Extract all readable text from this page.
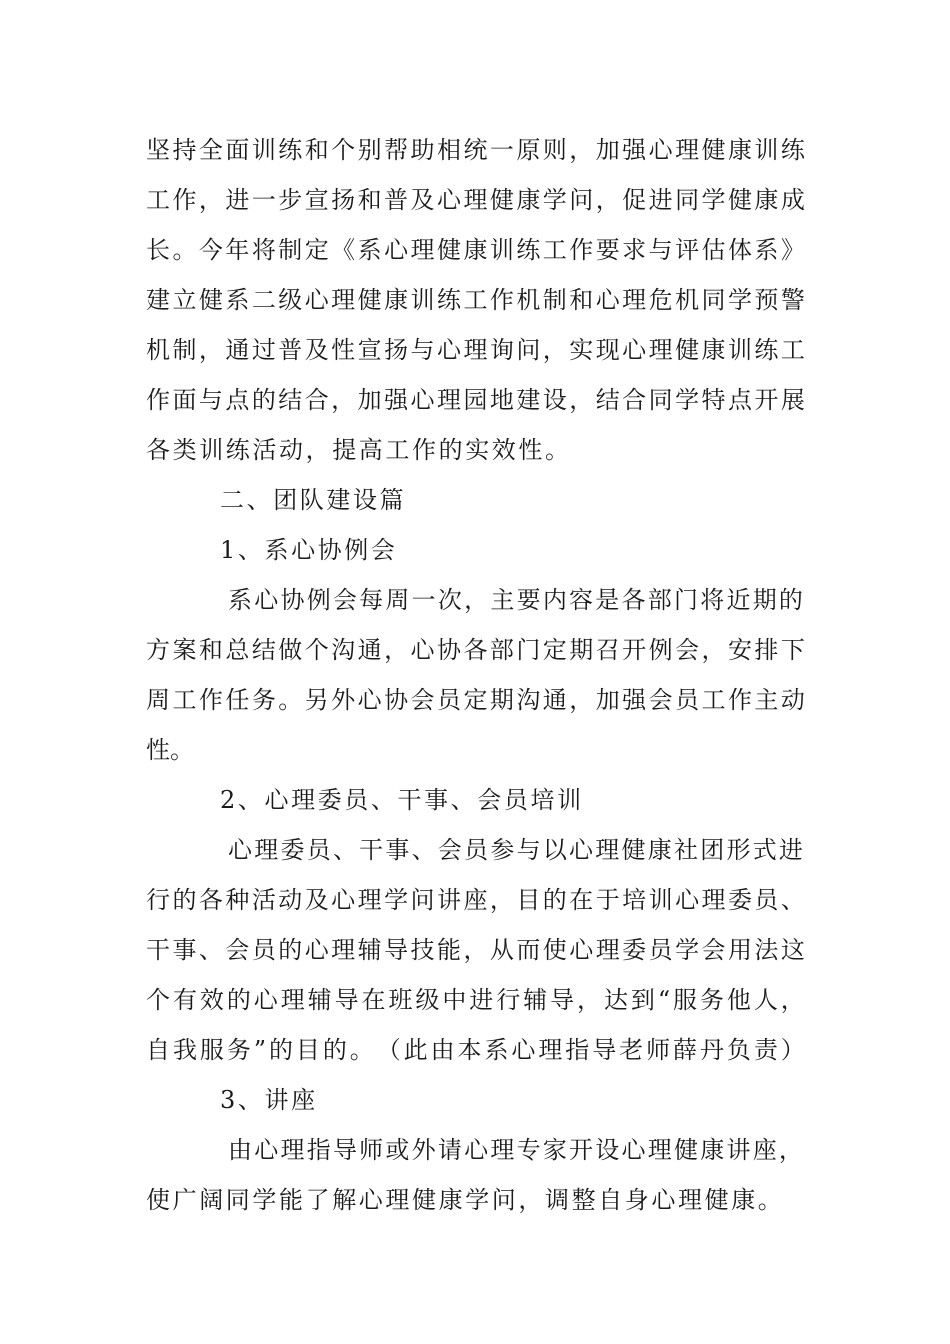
坚 持 全 面 训 练 和 个 别 帮 助 相 统 一 原 则 ， 加 强 心 理 健 康 训 练
工 作 ， 进 一 步 宣 扬 和 普 及 心 理 健 康 学 问 ， 促 进 同 学 健 康 成
长 。 今 年 将 制 定 《 系 心 理 健 康 训 练 工 作 要 求 与 评 估 体 系 》
建 立 健 系 二 级 心 理 健 康 训 练 工 作 机 制 和 心 理 危 机 同 学 预 警
机 制 ， 通 过 普 及 性 宣 扬 与 心 理 询 问 ， 实 现 心 理 健 康 训 练 工
作 面 与 点 的 结 合 ， 加 强 心 理 园 地 建 设 ， 结 合 同 学 特 点 开 展
各类训练活动，提高工作的实效性。
二、团队建设篇
1、系心协例会
系 心 协 例 会 每 周 一 次 ， 主 要 内 容 是 各 部 门 将 近 期 的
方 案 和 总 结 做 个 沟 通 ， 心 协 各 部 门 定 期 召 开 例 会 ， 安 排 下
周 工 作 任 务 。 另 外 心 协 会 员 定 期 沟 通 ， 加 强 会 员 工 作 主 动
性。
2、心理委员、干事、会员培训
心 理 委 员 、 干 事 、 会 员 参 与 以 心 理 健 康 社 团 形 式 进
行 的 各 种 活 动 及 心 理 学 问 讲 座 ， 目 的 在 于 培 训 心 理 委 员 、
干 事 、 会 员 的 心 理 辅 导 技 能 ， 从 而 使 心 理 委 员 学 会 用 法 这
个 有 效 的 心 理 辅 导 在 班 级 中 进 行 辅 导 ， 达 到 “ 服 务 他 人 ，
自 我 服 务 ” 的 目 的 。 （ 此 由 本 系 心 理 指 导 老 师 薛 丹 负 责 ）
3、讲座
由 心 理 指 导 师 或 外 请 心 理 专 家 开 设 心 理 健 康 讲 座 ，
使广阔同学能了解心理健康学问，调整自身心理健康。
